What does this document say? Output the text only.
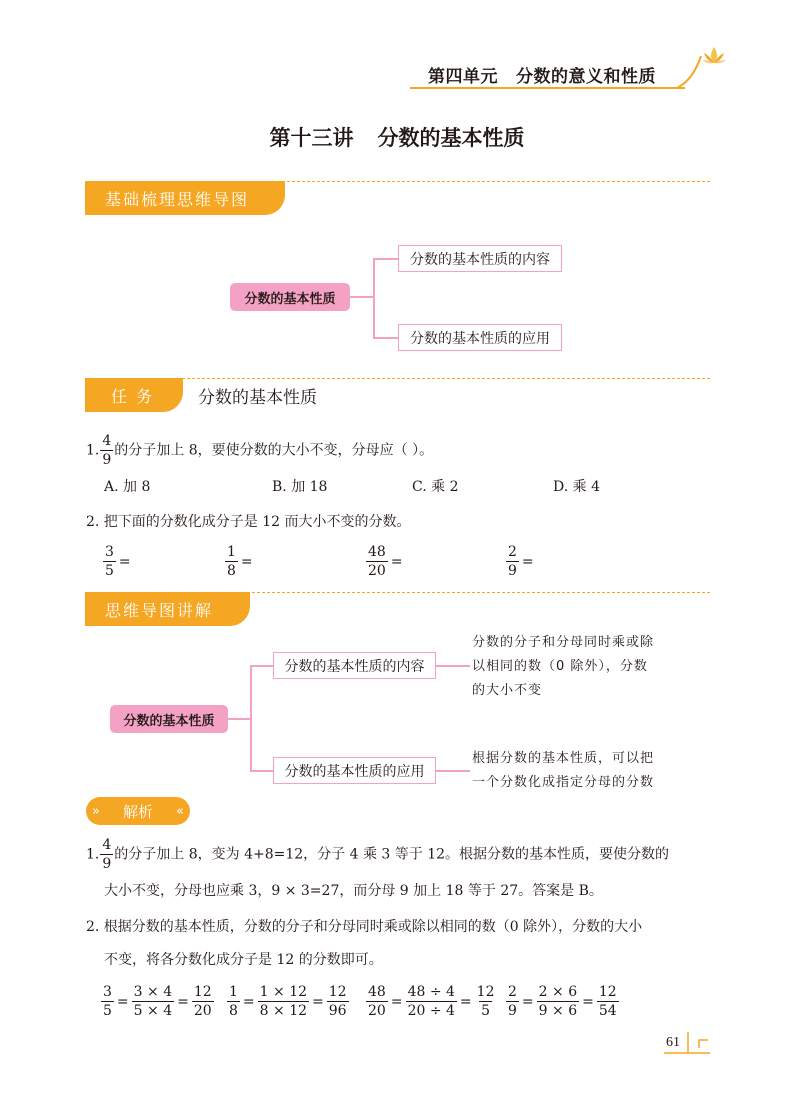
第四单元 分数的意义和性质
第十三讲 分数的基本性质
基础梳理思维导图
分数的基本性质
分数的基本性质的内容
分数的基本性质的应用
任 务	分数的基本性质
1. $\frac{4}{9}$ 的分子加上 8，要使分数的大小不变，分母应（ ）。
A. 加 8	B. 加 18	C. 乘 2	D. 乘 4
2. 把下面的分数化成分子是 12 而大小不变的分数。
$\frac{3}{5}$ =	$\frac{1}{8}$ =	$\frac{48}{20}$ =	$\frac{2}{9}$ =
思维导图讲解
分数的基本性质
分数的基本性质的内容
分数的基本性质的应用
分数的分子和分母同时乘或除
以相同的数（0 除外），分数
的大小不变
根据分数的基本性质，可以把
一个分数化成指定分母的分数
» 解析 «
1. $\frac{4}{9}$ 的分子加上 8，变为 4+8=12，分子 4 乘 3 等于 12。根据分数的基本性质，要使分数的
大小不变，分母也应乘 3，9 × 3=27，而分母 9 加上 18 等于 27。答案是 B。
2. 根据分数的基本性质，分数的分子和分母同时乘或除以相同的数（0 除外），分数的大小
不变，将各分数化成分子是 12 的分数即可。
$\frac{3}{5} = \frac{3 \times 4}{5 \times 4} = \frac{12}{20} \frac{1}{8} = \frac{1 \times 12}{8 \times 12} = \frac{12}{96} \frac{48}{20} = \frac{48 \div 4}{20 \div 4} = \frac{12}{5} \frac{2}{9} = \frac{2 \times 6}{9 \times 6} = \frac{12}{54}$
61
